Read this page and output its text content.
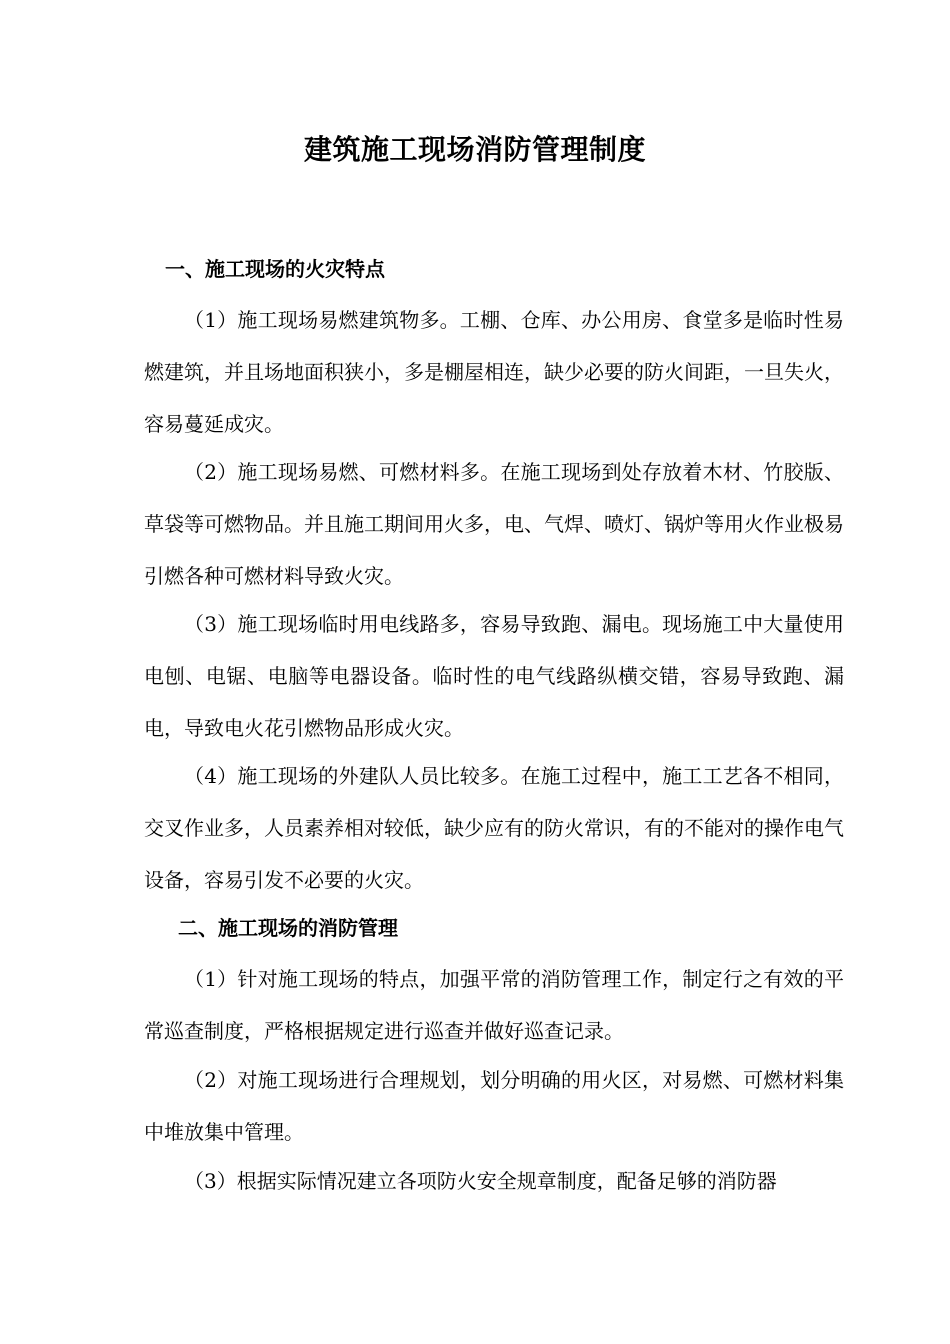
建筑施工现场消防管理制度
一、施工现场的火灾特点

（1）施工现场易燃建筑物多。工棚、仓库、办公用房、食堂多是临时性易燃建筑，并且场地面积狭小，多是棚屋相连，缺少必要的防火间距，一旦失火，容易蔓延成灾。

（2）施工现场易燃、可燃材料多。在施工现场到处存放着木材、竹胶版、草袋等可燃物品。并且施工期间用火多，电、气焊、喷灯、锅炉等用火作业极易引燃各种可燃材料导致火灾。

（3）施工现场临时用电线路多，容易导致跑、漏电。现场施工中大量使用电刨、电锯、电脑等电器设备。临时性的电气线路纵横交错，容易导致跑、漏电，导致电火花引燃物品形成火灾。

（4）施工现场的外建队人员比较多。在施工过程中，施工工艺各不相同，交叉作业多，人员素养相对较低，缺少应有的防火常识，有的不能对的操作电气设备，容易引发不必要的火灾。

二、施工现场的消防管理

（1）针对施工现场的特点，加强平常的消防管理工作，制定行之有效的平常巡查制度，严格根据规定进行巡查并做好巡查记录。

（2）对施工现场进行合理规划，划分明确的用火区，对易燃、可燃材料集中堆放集中管理。

（3）根据实际情况建立各项防火安全规章制度，配备足够的消防器
